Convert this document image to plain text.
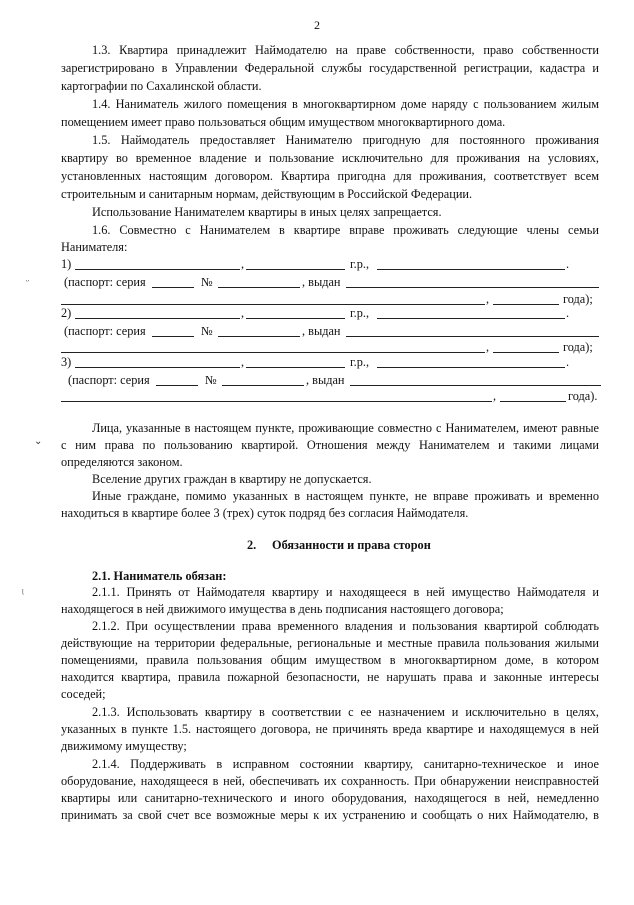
2
1.3. Квартира принадлежит Наймодателю на праве собственности, право собственности
зарегистрировано в Управлении Федеральной службы государственной регистрации, кадастра и
картографии по Сахалинской области.
1.4. Наниматель жилого помещения в многоквартирном доме наряду с пользованием жилым
помещением имеет право пользоваться общим имуществом многоквартирного дома.
1.5. Наймодатель предоставляет Нанимателю пригодную для постоянного проживания
квартиру во временное владение и пользование исключительно для проживания на условиях,
установленных настоящим договором. Квартира пригодна для проживания, соответствует всем
строительным и санитарным нормам, действующим в Российской Федерации.
Использование Нанимателем квартиры в иных целях запрещается.
1.6. Совместно с Нанимателем в квартире вправе проживать следующие члены семьи
Нанимателя:
1)	,	г.р.,	.
(паспорт: серия	№	, выдан
,	года);
2)	,	г.р.,	.
(паспорт: серия	№	, выдан
,	года);
3)	,	г.р.,	.
(паспорт: серия	№	, выдан
,	года).
Лица, указанные в настоящем пункте, проживающие совместно с Нанимателем, имеют равные
с ним права по пользованию квартирой. Отношения между Нанимателем и такими лицами
определяются законом.
Вселение других граждан в квартиру не допускается.
Иные граждане, помимо указанных в настоящем пункте, не вправе проживать и временно
находиться в квартире более 3 (трех) суток подряд без согласия Наймодателя.
2. Обязанности и права сторон
2.1. Наниматель обязан:
2.1.1. Принять от Наймодателя квартиру и находящееся в ней имущество Наймодателя и
находящегося в ней движимого имущества в день подписания настоящего договора;
2.1.2. При осуществлении права временного владения и пользования квартирой соблюдать
действующие на территории федеральные, региональные и местные правила пользования жилыми
помещениями, правила пользования общим имуществом в многоквартирном доме, в котором
находится квартира, правила пожарной безопасности, не нарушать права и законные интересы
соседей;
2.1.3. Использовать квартиру в соответствии с ее назначением и исключительно в целях,
указанных в пункте 1.5. настоящего договора, не причинять вреда квартире и находящемуся в ней
движимому имуществу;
2.1.4. Поддерживать в исправном состоянии квартиру, санитарно-техническое и иное
оборудование, находящееся в ней, обеспечивать их сохранность. При обнаружении неисправностей
квартиры или санитарно-технического и иного оборудования, находящегося в ней, немедленно
принимать за свой счет все возможные меры к их устранению и сообщать о них Наймодателю, в
ᵕ
⌄
ᶩ
